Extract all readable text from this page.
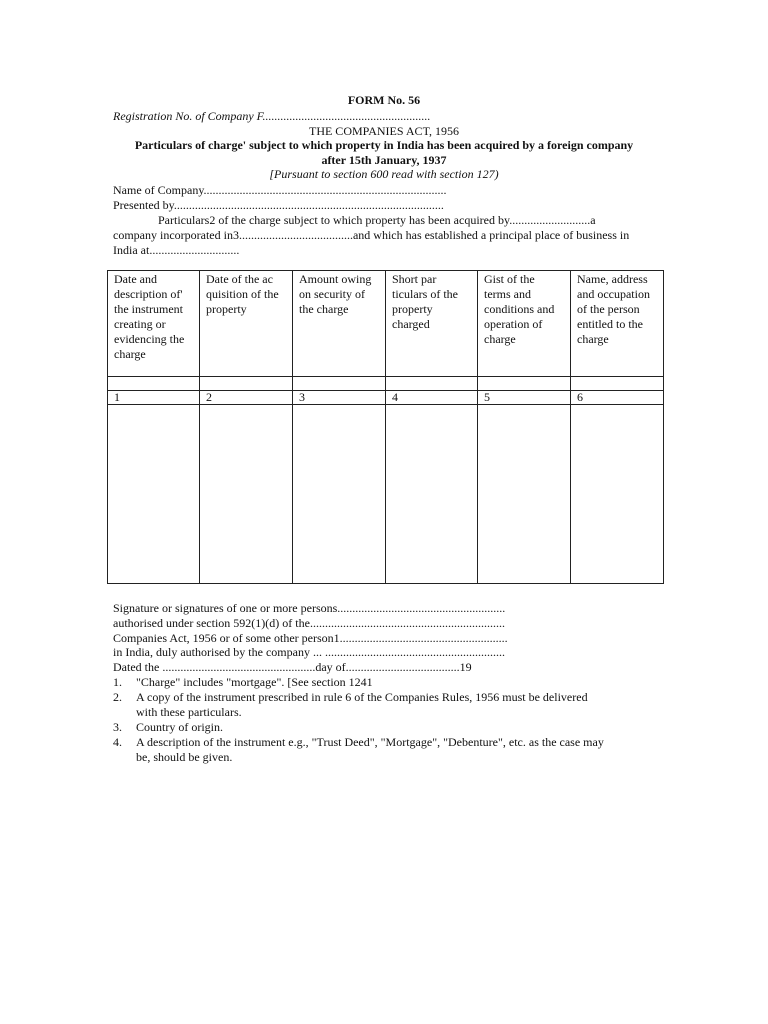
FORM No. 56
Registration No. of Company F........................................................
THE COMPANIES ACT, 1956
Particulars of charge' subject to which property in India has been acquired by a foreign company
after 15th January, 1937
[Pursuant to section 600 read with section 127)
Name of Company.................................................................................
Presented by..........................................................................................
Particulars2 of the charge subject to which property has been acquired by...........................a
company incorporated in3......................................and which has established a principal place of business in
India at..............................
Date and description of' the instrument creating or evidencing the charge	Date of the ac quisition of the property	Amount owing on security of the charge	Short par ticulars of the property charged	Gist of the terms and conditions and operation of charge	Name, address and occupation of the person entitled to the charge

1	2	3	4	5	6

Signature or signatures of one or more persons........................................................
authorised under section 592(1)(d) of the.................................................................
Companies Act, 1956 or of some other person1........................................................
in India, duly authorised by the company ... ............................................................
Dated the ...................................................day of......................................19
1. "Charge" includes "mortgage". [See section 1241
2. A copy of the instrument prescribed in rule 6 of the Companies Rules, 1956 must be delivered
with these particulars.
3. Country of origin.
4. A description of the instrument e.g., "Trust Deed", "Mortgage", "Debenture", etc. as the case may
be, should be given.
